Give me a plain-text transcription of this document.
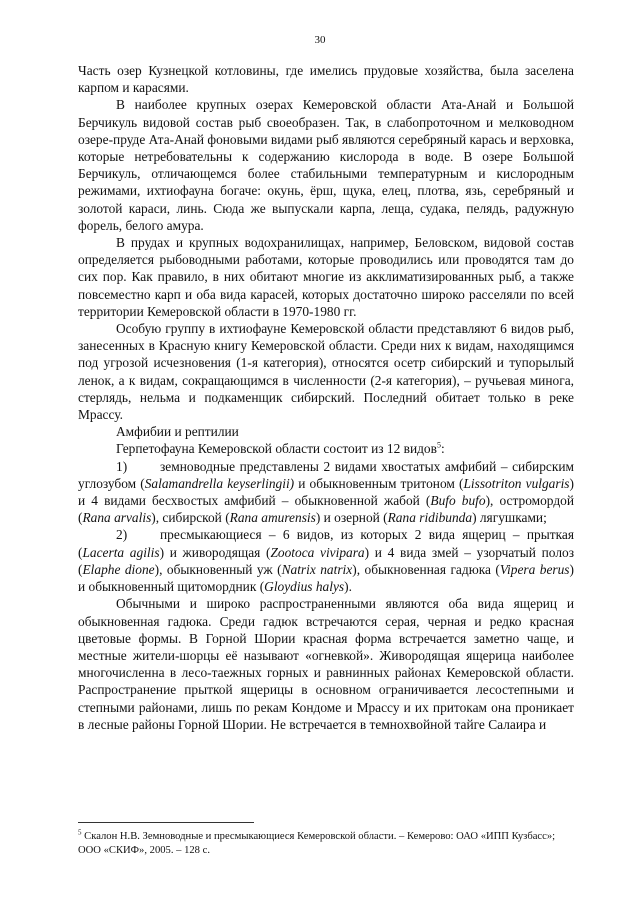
30

Часть озер Кузнецкой котловины, где имелись прудовые хозяйства, была заселена карпом и карасями.

В наиболее крупных озерах Кемеровской области Ата-Анай и Большой Берчикуль видовой состав рыб своеобразен. Так, в слабопроточном и мелководном озере-пруде Ата-Анай фоновыми видами рыб являются серебряный карась и верховка, которые нетребовательны к содержанию кислорода в воде. В озере Большой Берчикуль, отличающемся более стабильными температурным и кислородным режимами, ихтиофауна богаче: окунь, ёрш, щука, елец, плотва, язь, серебряный и золотой караси, линь. Сюда же выпускали карпа, леща, судака, пелядь, радужную форель, белого амура.

В прудах и крупных водохранилищах, например, Беловском, видовой состав определяется рыбоводными работами, которые проводились или проводятся там до сих пор. Как правило, в них обитают многие из акклиматизированных рыб, а также повсеместно карп и оба вида карасей, которых достаточно широко расселяли по всей территории Кемеровской области в 1970-1980 гг.

Особую группу в ихтиофауне Кемеровской области представляют 6 видов рыб, занесенных в Красную книгу Кемеровской области. Среди них к видам, находящимся под угрозой исчезновения (1-я категория), относятся осетр сибирский и тупорылый ленок, а к видам, сокращающимся в численности (2-я категория), – ручьевая минога, стерлядь, нельма и подкаменщик сибирский. Последний обитает только в реке Мрассу.

Амфибии и рептилии

Герпетофауна Кемеровской области состоит из 12 видов$^5$:

1) земноводные представлены 2 видами хвостатых амфибий – сибирским углозубом (Salamandrella keyserlingii) и обыкновенным тритоном (Lissotriton vulgaris) и 4 видами бесхвостых амфибий – обыкновенной жабой (Bufo bufo), остромордой (Rana arvalis), сибирской (Rana amurensis) и озерной (Rana ridibunda) лягушками;

2) пресмыкающиеся – 6 видов, из которых 2 вида ящериц – прыткая (Lacerta agilis) и живородящая (Zootoca vivipara) и 4 вида змей – узорчатый полоз (Elaphe dione), обыкновенный уж (Natrix natrix), обыкновенная гадюка (Vipera berus) и обыкновенный щитомордник (Gloydius halys).

Обычными и широко распространенными являются оба вида ящериц и обыкновенная гадюка. Среди гадюк встречаются серая, черная и редко красная цветовые формы. В Горной Шории красная форма встречается заметно чаще, и местные жители-шорцы её называют «огневкой». Живородящая ящерица наиболее многочисленна в лесо-таежных горных и равнинных районах Кемеровской области. Распространение прыткой ящерицы в основном ограничивается лесостепными и степными районами, лишь по рекам Кондоме и Мрассу и их притокам она проникает в лесные районы Горной Шории. Не встречается в темнохвойной тайге Салаира и

$^5$ Скалон Н.В. Земноводные и пресмыкающиеся Кемеровской области. – Кемерово: ОАО «ИПП Кузбасс»; ООО «СКИФ», 2005. – 128 с.
